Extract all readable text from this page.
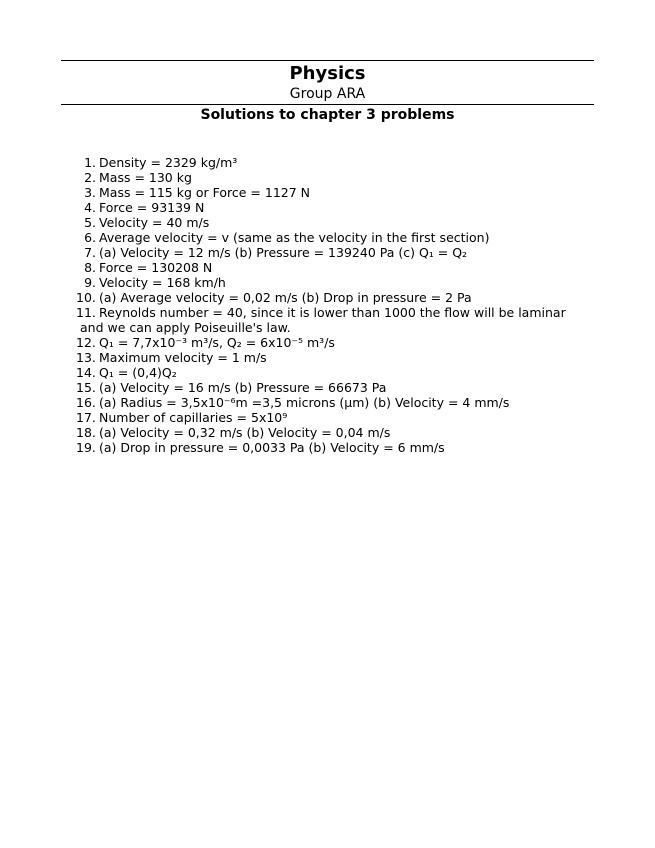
Physics
Group ARA
Solutions to chapter 3 problems
1. Density = 2329 kg/m³
2. Mass = 130 kg
3. Mass = 115 kg or Force = 1127 N
4. Force = 93139 N
5. Velocity = 40 m/s
6. Average velocity = v (same as the velocity in the first section)
7. (a) Velocity = 12 m/s (b) Pressure = 139240 Pa (c) Q₁ = Q₂
8. Force = 130208 N
9. Velocity = 168 km/h
10. (a) Average velocity = 0,02 m/s (b) Drop in pressure = 2 Pa
11. Reynolds number = 40, since it is lower than 1000 the flow will be laminar
and we can apply Poiseuille's law.
12. Q₁ = 7,7x10⁻³ m³/s, Q₂ = 6x10⁻⁵ m³/s
13. Maximum velocity = 1 m/s
14. Q₁ = (0,4)Q₂
15. (a) Velocity = 16 m/s (b) Pressure = 66673 Pa
16. (a) Radius = 3,5x10⁻⁶m =3,5 microns (μm) (b) Velocity = 4 mm/s
17. Number of capillaries = 5x10⁹
18. (a) Velocity = 0,32 m/s (b) Velocity = 0,04 m/s
19. (a) Drop in pressure = 0,0033 Pa (b) Velocity = 6 mm/s
